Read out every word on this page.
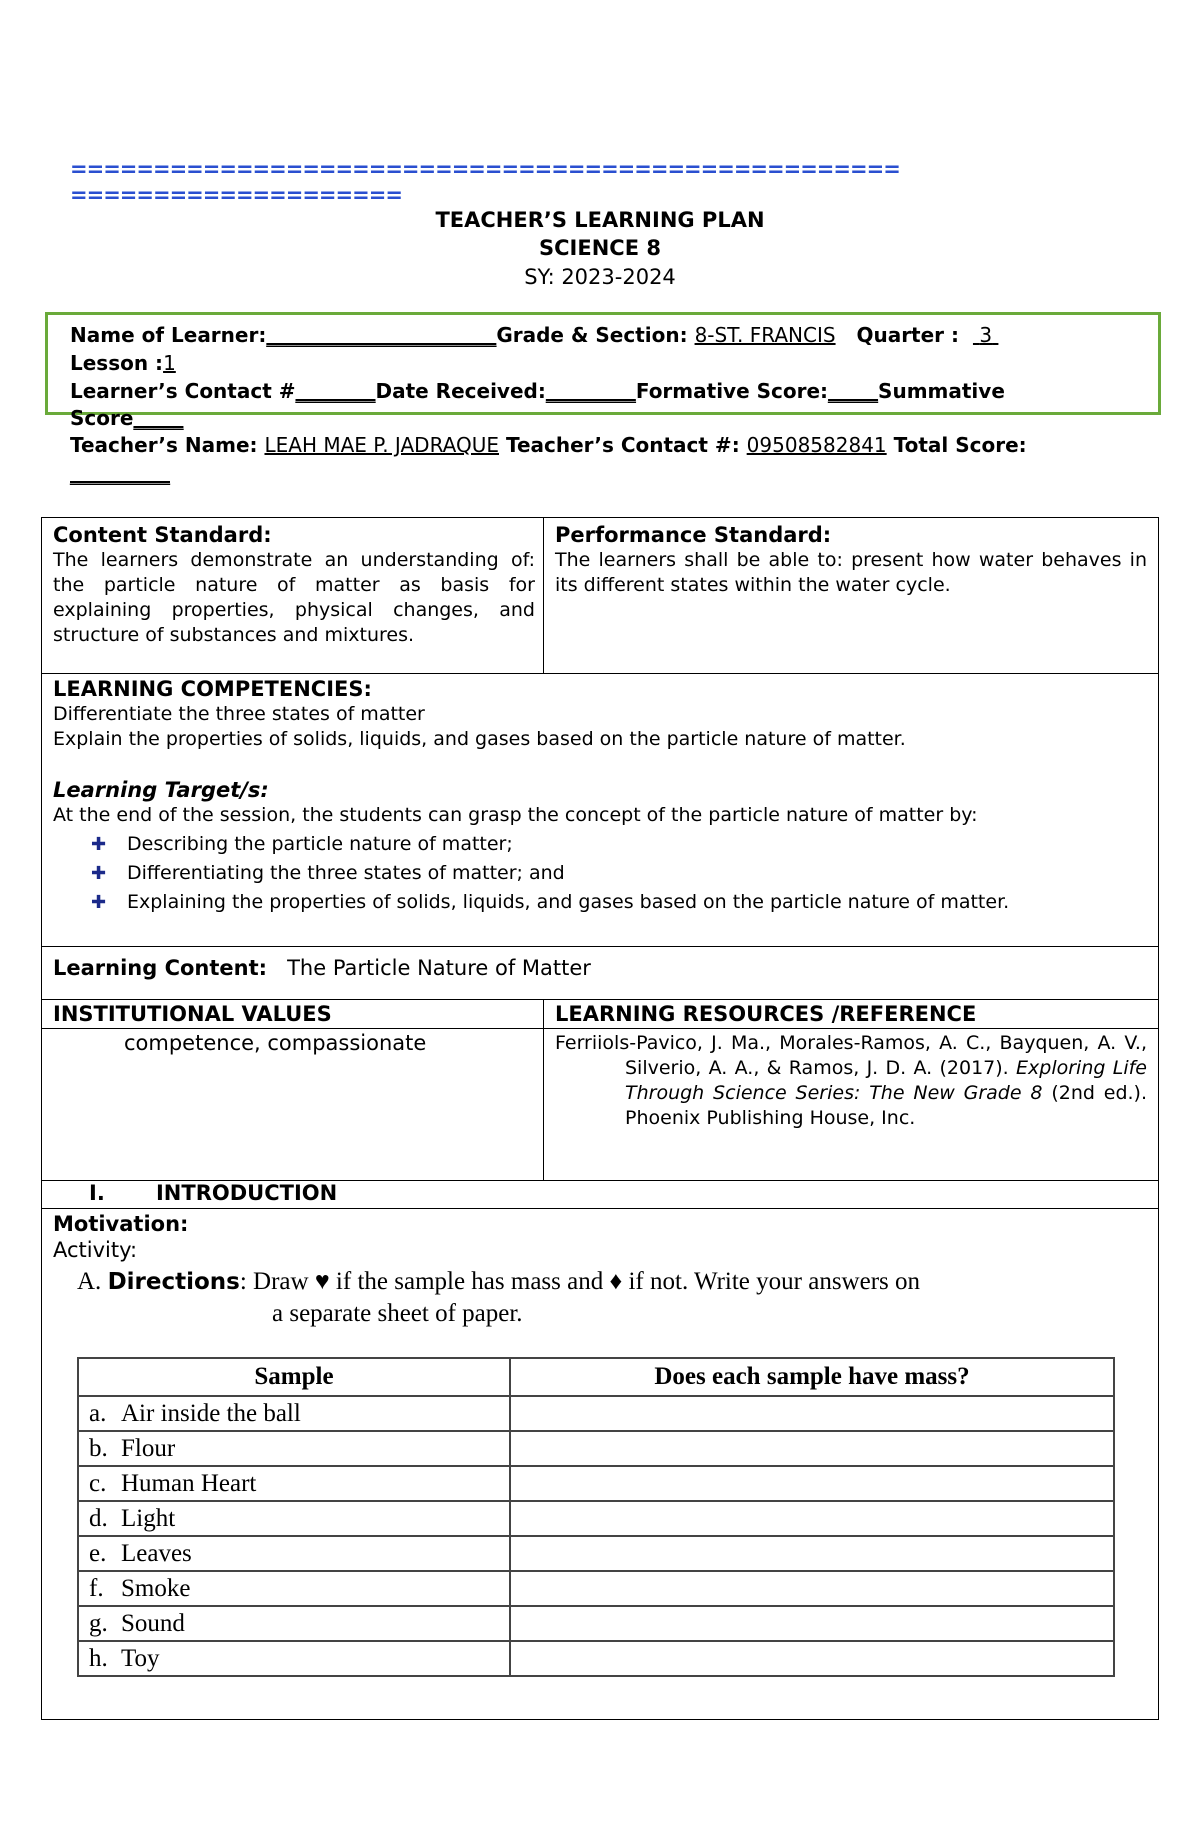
==================================================
====================
TEACHER’S LEARNING PLAN
SCIENCE 8
SY: 2023-2024
Name of Learner:_______________________Grade & Section: 8-ST. FRANCIS Quarter : 3
Lesson :1
Learner’s Contact #________Date Received:_________Formative Score:_____Summative
Score_____
Teacher’s Name: LEAH MAE P. JADRAQUE Teacher’s Contact #: 09508582841 Total Score:
__________
Content Standard:
The learners demonstrate an understanding of: the particle nature of matter as basis for explaining properties, physical changes, and structure of substances and mixtures.
Performance Standard:
The learners shall be able to: present how water behaves in its different states within the water cycle.
LEARNING COMPETENCIES:
Differentiate the three states of matter
Explain the properties of solids, liquids, and gases based on the particle nature of matter.
Learning Target/s:
At the end of the session, the students can grasp the concept of the particle nature of matter by:
✚ Describing the particle nature of matter;
✚ Differentiating the three states of matter; and
✚ Explaining the properties of solids, liquids, and gases based on the particle nature of matter.
Learning Content: The Particle Nature of Matter
INSTITUTIONAL VALUES	LEARNING RESOURCES /REFERENCE
competence, compassionate	Ferriiols-Pavico, J. Ma., Morales-Ramos, A. C., Bayquen, A. V., Silverio, A. A., & Ramos, J. D. A. (2017). Exploring Life Through Science Series: The New Grade 8 (2nd ed.). Phoenix Publishing House, Inc.
I. INTRODUCTION
Motivation:
Activity:
A. Directions: Draw ♥ if the sample has mass and ♦ if not. Write your answers on
a separate sheet of paper.
Sample	Does each sample have mass?
a. Air inside the ball	
b. Flour	
c. Human Heart	
d. Light	
e. Leaves	
f. Smoke	
g. Sound	
h. Toy	
